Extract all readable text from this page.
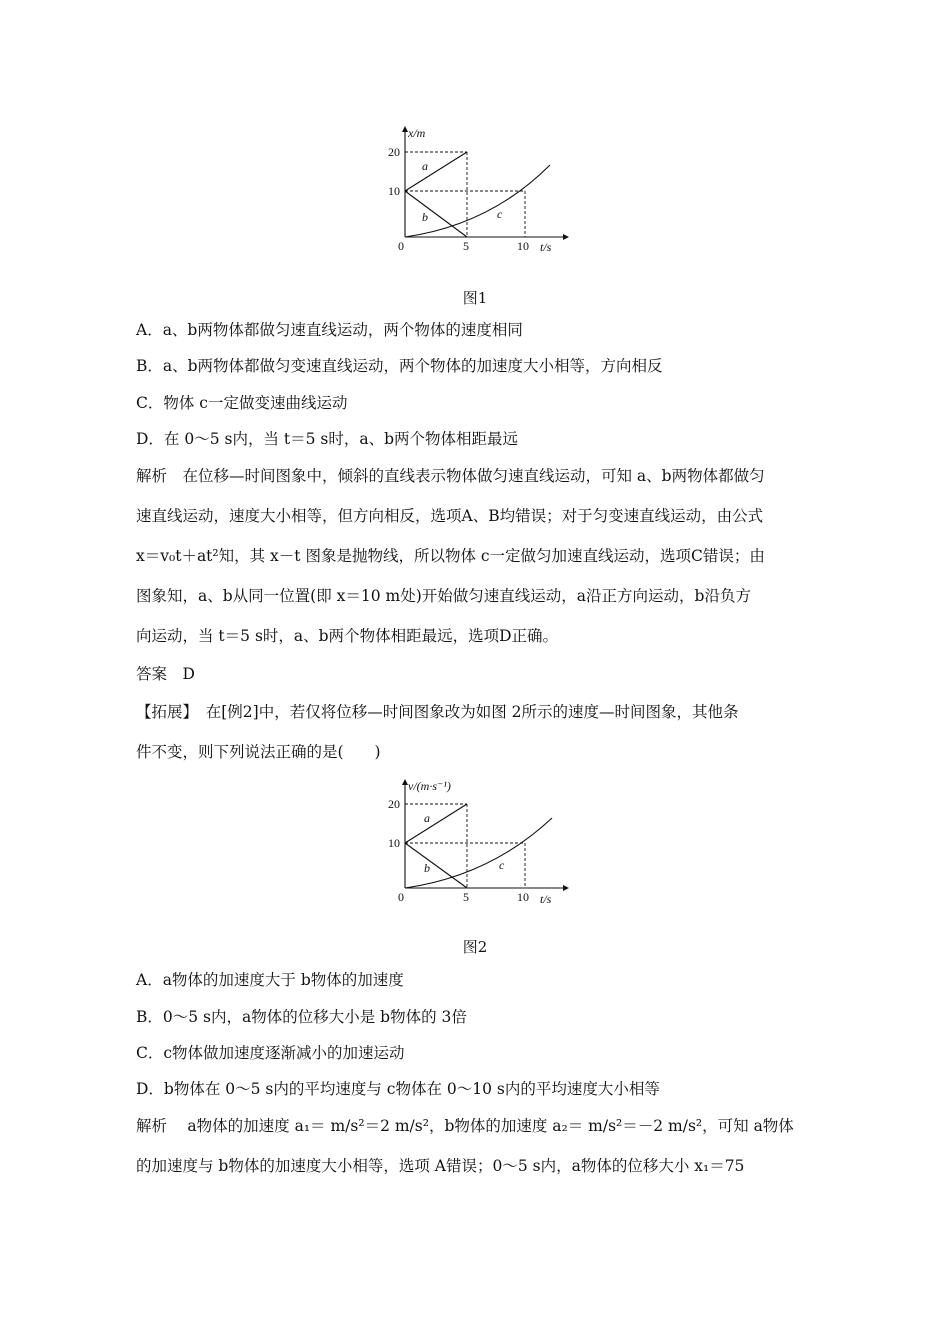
x/m
t/s
20
10
0	5	10
a
b	c
图1
A．a、b两物体都做匀速直线运动，两个物体的速度相同
B．a、b两物体都做匀变速直线运动，两个物体的加速度大小相等，方向相反
C．物体 c一定做变速曲线运动
D．在 0～5 s内，当 t＝5 s时，a、b两个物体相距最远
解析　在位移—时间图象中，倾斜的直线表示物体做匀速直线运动，可知 a、b两物体都做匀
速直线运动，速度大小相等，但方向相反，选项A、B均错误；对于匀变速直线运动，由公式
x＝v₀t＋at²知，其 x－t 图象是抛物线，所以物体 c一定做匀加速直线运动，选项C错误；由
图象知，a、b从同一位置(即 x＝10 m处)开始做匀速直线运动，a沿正方向运动，b沿负方
向运动，当 t＝5 s时，a、b两个物体相距最远，选项D正确。
答案　D
【拓展】　在[例2]中，若仅将位移—时间图象改为如图 2所示的速度—时间图象，其他条
件不变，则下列说法正确的是(　　)
v/(m·s⁻¹)
t/s
20
10
0	5	10
a
b	c
图2
A．a物体的加速度大于 b物体的加速度
B．0～5 s内，a物体的位移大小是 b物体的 3倍
C．c物体做加速度逐渐减小的加速运动
D．b物体在 0～5 s内的平均速度与 c物体在 0～10 s内的平均速度大小相等
解析　 a物体的加速度 a₁＝ m/s²＝2 m/s²，b物体的加速度 a₂＝ m/s²＝－2 m/s²，可知 a物体
的加速度与 b物体的加速度大小相等，选项 A错误；0～5 s内，a物体的位移大小 x₁＝75
